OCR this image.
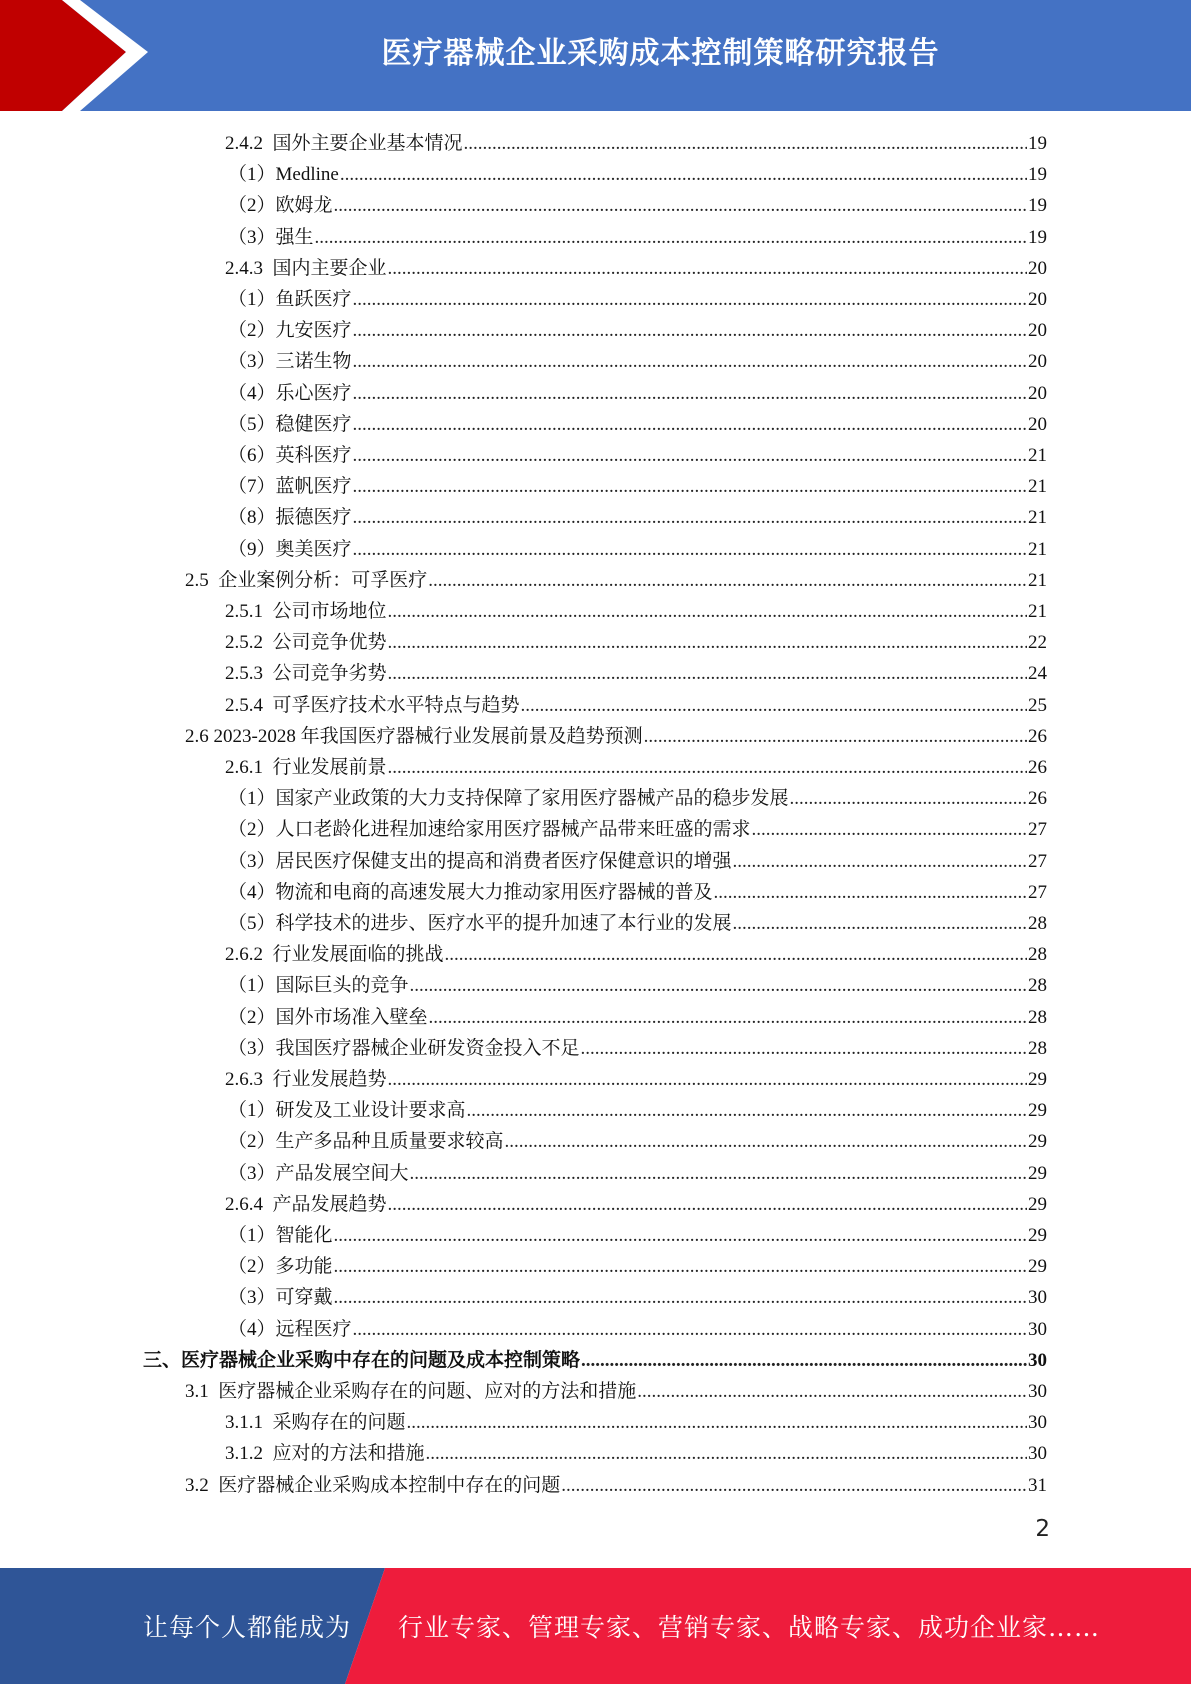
医疗器械企业采购成本控制策略研究报告
2.4.2  国外主要企业基本情况 .....	19
（1）Medline .....	19
（2）欧姆龙 .....	19
（3）强生 .....	19
2.4.3  国内主要企业 .....	20
（1）鱼跃医疗 .....	20
（2）九安医疗 .....	20
（3）三诺生物 .....	20
（4）乐心医疗 .....	20
（5）稳健医疗 .....	20
（6）英科医疗 .....	21
（7）蓝帆医疗 .....	21
（8）振德医疗 .....	21
（9）奥美医疗 .....	21
2.5  企业案例分析：可孚医疗 .....	21
2.5.1  公司市场地位 .....	21
2.5.2  公司竞争优势 .....	22
2.5.3  公司竞争劣势 .....	24
2.5.4  可孚医疗技术水平特点与趋势 .....	25
2.6 2023-2028 年我国医疗器械行业发展前景及趋势预测 .....	26
2.6.1  行业发展前景 .....	26
（1）国家产业政策的大力支持保障了家用医疗器械产品的稳步发展 .....	26
（2）人口老龄化进程加速给家用医疗器械产品带来旺盛的需求 .....	27
（3）居民医疗保健支出的提高和消费者医疗保健意识的增强 .....	27
（4）物流和电商的高速发展大力推动家用医疗器械的普及 .....	27
（5）科学技术的进步、医疗水平的提升加速了本行业的发展 .....	28
2.6.2  行业发展面临的挑战 .....	28
（1）国际巨头的竞争 .....	28
（2）国外市场准入壁垒 .....	28
（3）我国医疗器械企业研发资金投入不足 .....	28
2.6.3  行业发展趋势 .....	29
（1）研发及工业设计要求高 .....	29
（2）生产多品种且质量要求较高 .....	29
（3）产品发展空间大 .....	29
2.6.4  产品发展趋势 .....	29
（1）智能化 .....	29
（2）多功能 .....	29
（3）可穿戴 .....	30
（4）远程医疗 .....	30
三、医疗器械企业采购中存在的问题及成本控制策略 .....	30
3.1  医疗器械企业采购存在的问题、应对的方法和措施 .....	30
3.1.1  采购存在的问题 .....	30
3.1.2  应对的方法和措施 .....	30
3.2  医疗器械企业采购成本控制中存在的问题 .....	31
2
让每个人都能成为 行业专家、管理专家、营销专家、战略专家、成功企业家……
